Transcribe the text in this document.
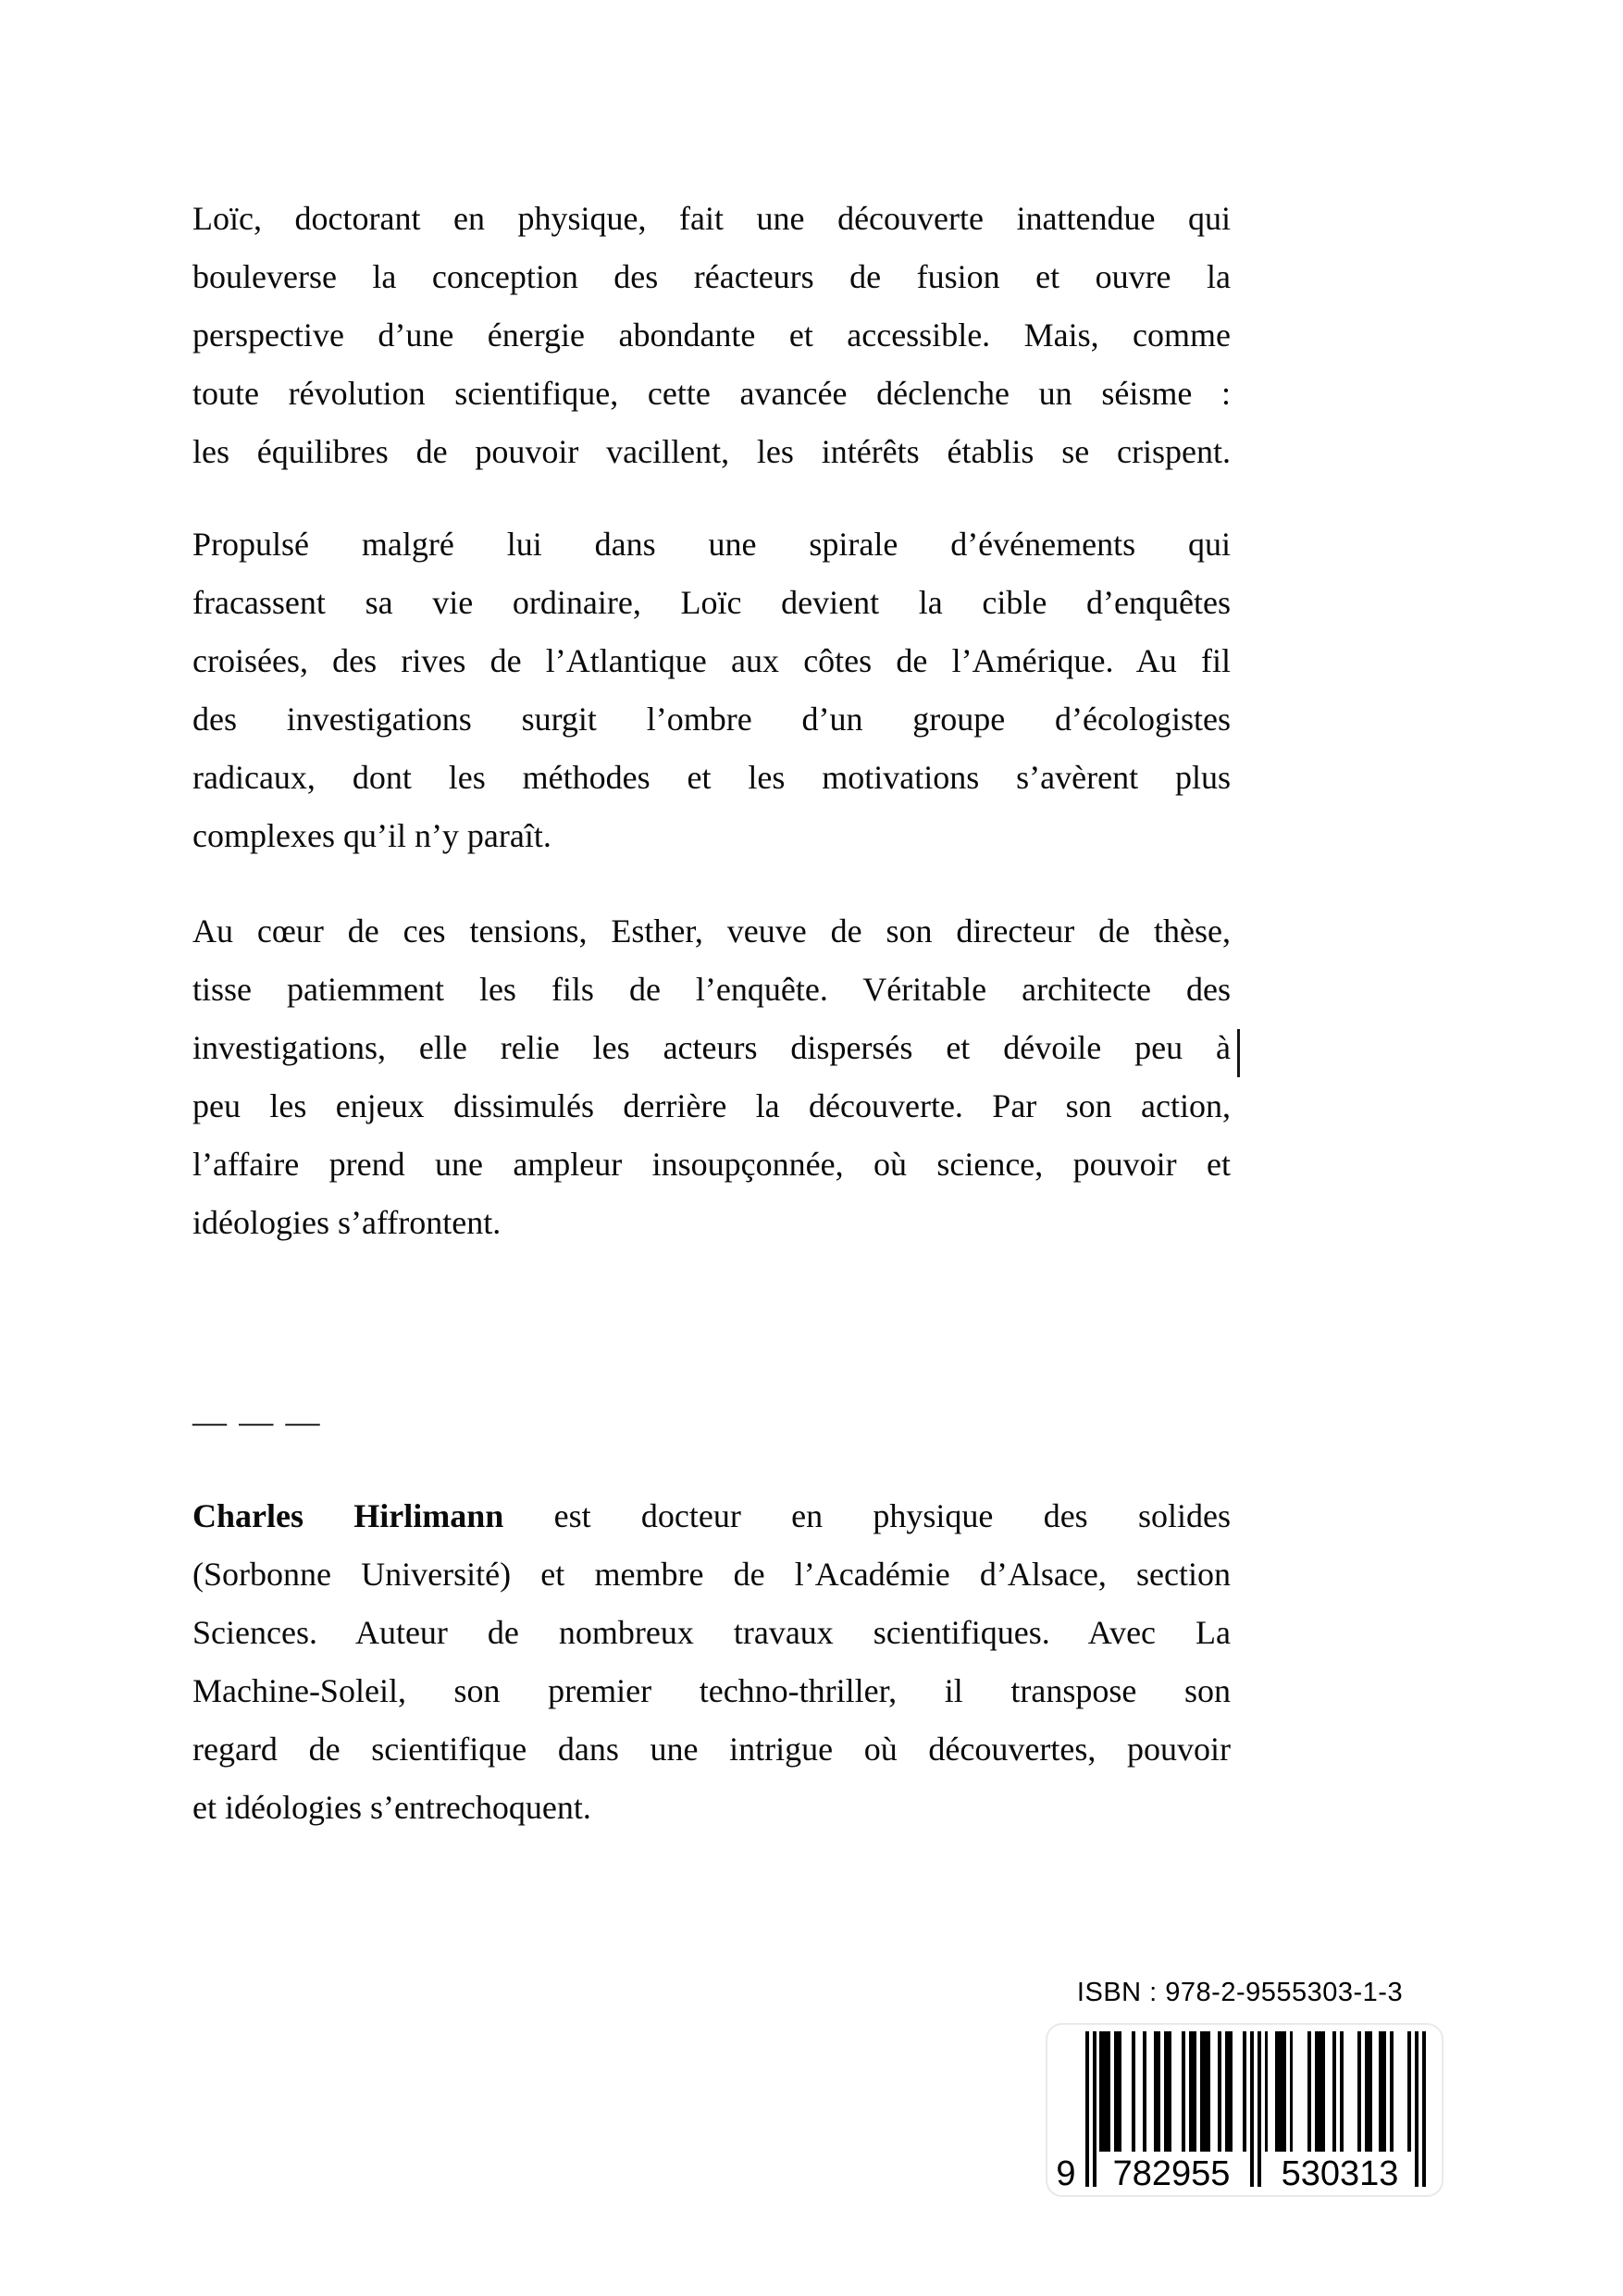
Loïc, doctorant en physique, fait une découverte inattendue qui
bouleverse la conception des réacteurs de fusion et ouvre la
perspective d’une énergie abondante et accessible. Mais, comme
toute révolution scientifique, cette avancée déclenche un séisme :
les équilibres de pouvoir vacillent, les intérêts établis se crispent.
Propulsé malgré lui dans une spirale d’événements qui
fracassent sa vie ordinaire, Loïc devient la cible d’enquêtes
croisées, des rives de l’Atlantique aux côtes de l’Amérique. Au fil
des investigations surgit l’ombre d’un groupe d’écologistes
radicaux, dont les méthodes et les motivations s’avèrent plus
complexes qu’il n’y paraît.
Au cœur de ces tensions, Esther, veuve de son directeur de thèse,
tisse patiemment les fils de l’enquête. Véritable architecte des
investigations, elle relie les acteurs dispersés et dévoile peu à
peu les enjeux dissimulés derrière la découverte. Par son action,
l’affaire prend une ampleur insoupçonnée, où science, pouvoir et
idéologies s’affrontent.
— — —
Charles Hirlimann est docteur en physique des solides
(Sorbonne Université) et membre de l’Académie d’Alsace, section
Sciences. Auteur de nombreux travaux scientifiques. Avec La
Machine-Soleil, son premier techno-thriller, il transpose son
regard de scientifique dans une intrigue où découvertes, pouvoir
et idéologies s’entrechoquent.
ISBN : 978-2-9555303-1-3
9	782955	530313
